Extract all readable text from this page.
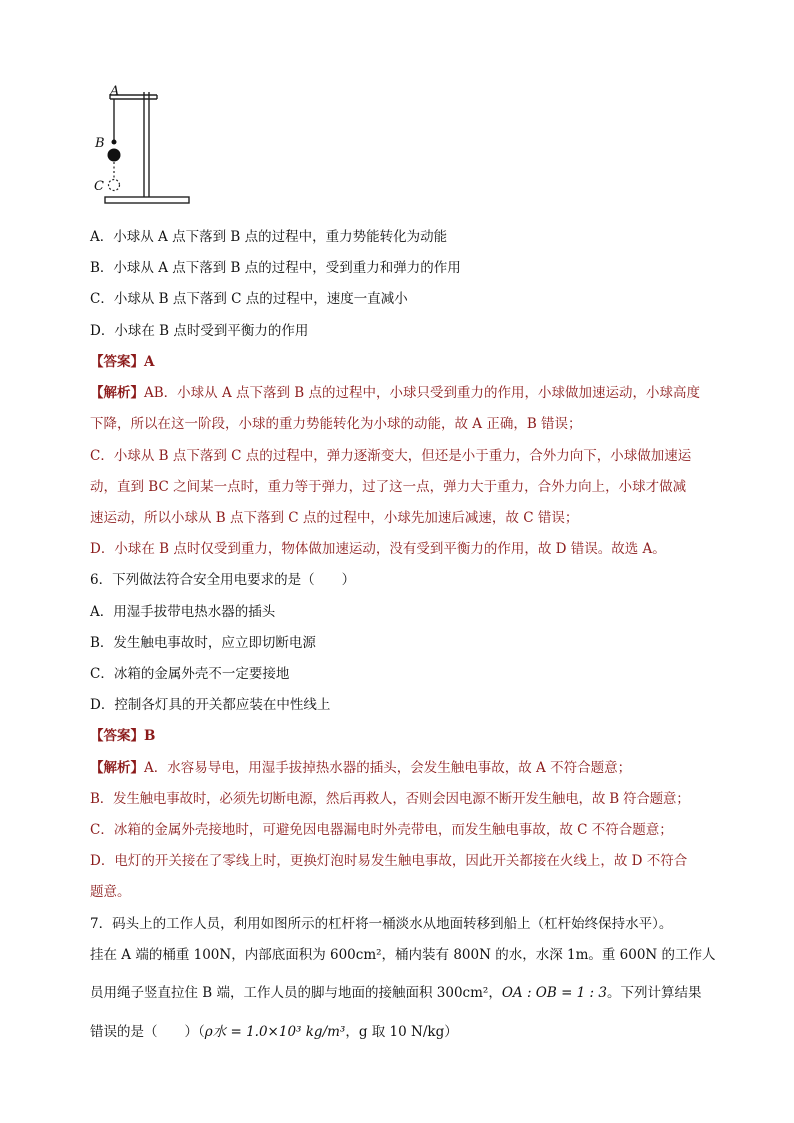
A
B
C
A．小球从 A 点下落到 B 点的过程中，重力势能转化为动能
B．小球从 A 点下落到 B 点的过程中，受到重力和弹力的作用
C．小球从 B 点下落到 C 点的过程中，速度一直减小
D．小球在 B 点时受到平衡力的作用
【答案】A
【解析】AB．小球从 A 点下落到 B 点的过程中，小球只受到重力的作用，小球做加速运动，小球高度
下降，所以在这一阶段，小球的重力势能转化为小球的动能，故 A 正确，B 错误；
C．小球从 B 点下落到 C 点的过程中，弹力逐渐变大，但还是小于重力，合外力向下，小球做加速运
动，直到 BC 之间某一点时，重力等于弹力，过了这一点，弹力大于重力，合外力向上，小球才做减
速运动，所以小球从 B 点下落到 C 点的过程中，小球先加速后减速，故 C 错误；
D．小球在 B 点时仅受到重力，物体做加速运动，没有受到平衡力的作用，故 D 错误。故选 A。
6．下列做法符合安全用电要求的是（　　）
A．用湿手拔带电热水器的插头
B．发生触电事故时，应立即切断电源
C．冰箱的金属外壳不一定要接地
D．控制各灯具的开关都应装在中性线上
【答案】B
【解析】A．水容易导电，用湿手拔掉热水器的插头，会发生触电事故，故 A 不符合题意；
B．发生触电事故时，必须先切断电源，然后再救人，否则会因电源不断开发生触电，故 B 符合题意；
C．冰箱的金属外壳接地时，可避免因电器漏电时外壳带电，而发生触电事故，故 C 不符合题意；
D．电灯的开关接在了零线上时，更换灯泡时易发生触电事故，因此开关都接在火线上，故 D 不符合
题意。
7．码头上的工作人员，利用如图所示的杠杆将一桶淡水从地面转移到船上（杠杆始终保持水平）。
挂在 A 端的桶重 100N，内部底面积为 600cm²，桶内装有 800N 的水，水深 1m。重 600N 的工作人
员用绳子竖直拉住 B 端，工作人员的脚与地面的接触面积 300cm²，OA : OB = 1 : 3。下列计算结果
错误的是（　　）（ρ水 = 1.0×10³ kg/m³，g 取 10 N/kg）
